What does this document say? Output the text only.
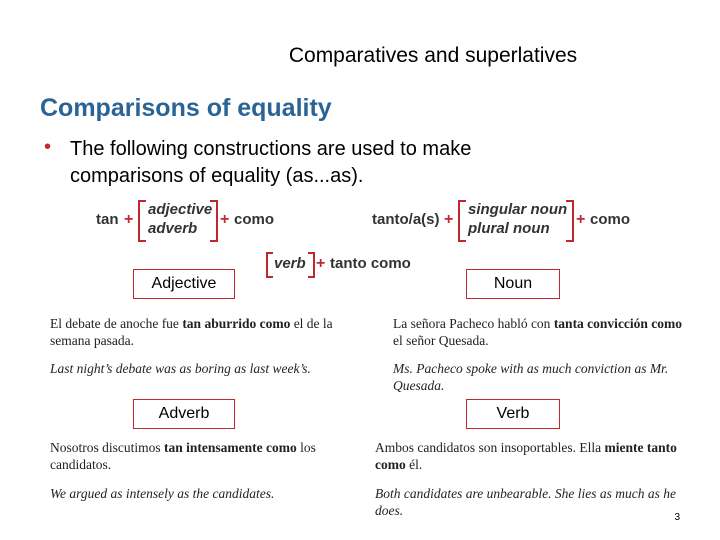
Comparatives and superlatives
Comparisons of equality
• The following constructions are used to make comparisons of equality (as...as).
tan +
adjective
adverb
+ como	tanto/a(s) +
singular noun
plural noun
+ como
verb + tanto como
Adjective	Noun
Adverb	Verb
El debate de anoche fue tan aburrido como el de la semana pasada.
Last night’s debate was as boring as last week’s.
La señora Pacheco habló con tanta convicción como el señor Quesada.
Ms. Pacheco spoke with as much conviction as Mr. Quesada.
Nosotros discutimos tan intensamente como los candidatos.
We argued as intensely as the candidates.
Ambos candidatos son insoportables. Ella miente tanto como él.
Both candidates are unbearable. She lies as much as he does.	3
